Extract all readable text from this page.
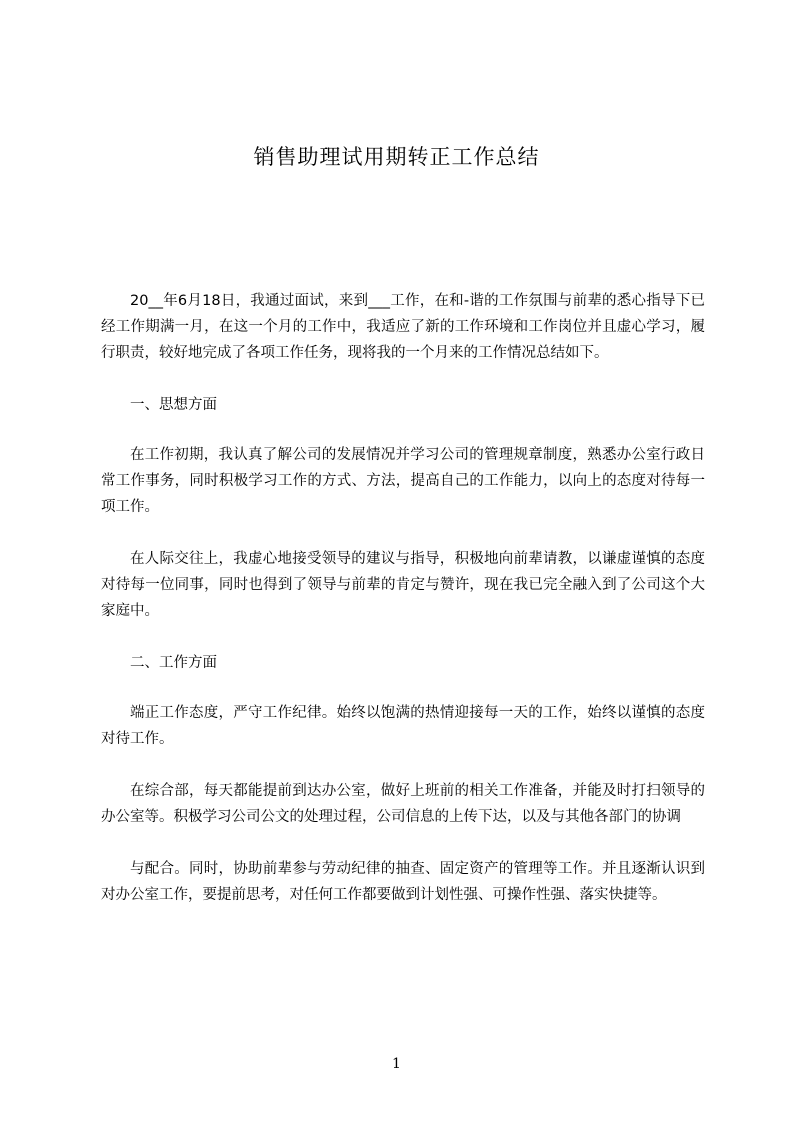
销售助理试用期转正工作总结

20__年6月18日，我通过面试，来到___工作，在和-谐的工作氛围与前辈的悉心指导下已经工作期满一月，在这一个月的工作中，我适应了新的工作环境和工作岗位并且虚心学习，履行职责，较好地完成了各项工作任务，现将我的一个月来的工作情况总结如下。

一、思想方面

在工作初期，我认真了解公司的发展情况并学习公司的管理规章制度，熟悉办公室行政日常工作事务，同时积极学习工作的方式、方法，提高自己的工作能力，以向上的态度对待每一项工作。

在人际交往上，我虚心地接受领导的建议与指导，积极地向前辈请教，以谦虚谨慎的态度对待每一位同事，同时也得到了领导与前辈的肯定与赞许，现在我已完全融入到了公司这个大家庭中。

二、工作方面

端正工作态度，严守工作纪律。始终以饱满的热情迎接每一天的工作，始终以谨慎的态度对待工作。

在综合部，每天都能提前到达办公室，做好上班前的相关工作准备，并能及时打扫领导的办公室等。积极学习公司公文的处理过程，公司信息的上传下达，以及与其他各部门的协调

与配合。同时，协助前辈参与劳动纪律的抽查、固定资产的管理等工作。并且逐渐认识到对办公室工作，要提前思考，对任何工作都要做到计划性强、可操作性强、落实快捷等。

1
